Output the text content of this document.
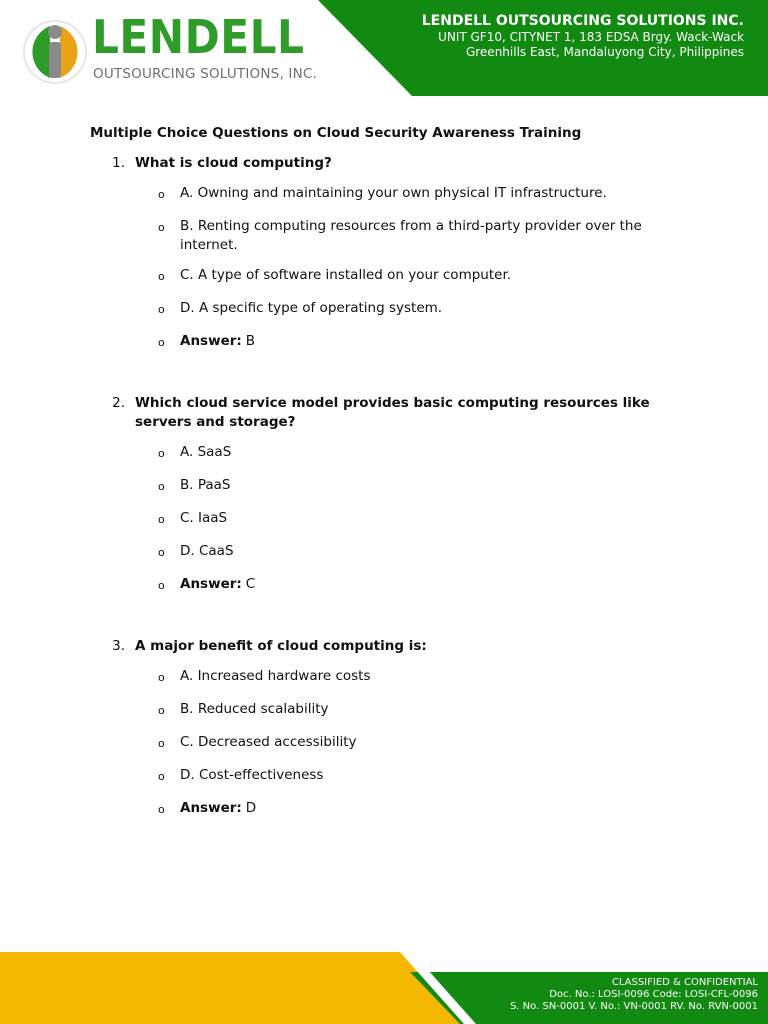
LENDELL
OUTSOURCING SOLUTIONS, INC.
LENDELL OUTSOURCING SOLUTIONS INC.
UNIT GF10, CITYNET 1, 183 EDSA Brgy. Wack-Wack Greenhills East, Mandaluyong City, Philippines
Multiple Choice Questions on Cloud Security Awareness Training
1. What is cloud computing?
o	A. Owning and maintaining your own physical IT infrastructure.
o	B. Renting computing resources from a third-party provider over the internet.
o	C. A type of software installed on your computer.
o	D. A specific type of operating system.
o	Answer: B
2. Which cloud service model provides basic computing resources like servers and storage?
o	A. SaaS
o	B. PaaS
o	C. IaaS
o	D. CaaS
o	Answer: C
3. A major benefit of cloud computing is:
o	A. Increased hardware costs
o	B. Reduced scalability
o	C. Decreased accessibility
o	D. Cost-effectiveness
o	Answer: D
CLASSIFIED & CONFIDENTIAL
Doc. No.: LOSI-0096 Code: LOSI-CFL-0096
S. No. SN-0001 V. No.: VN-0001 RV. No. RVN-0001
